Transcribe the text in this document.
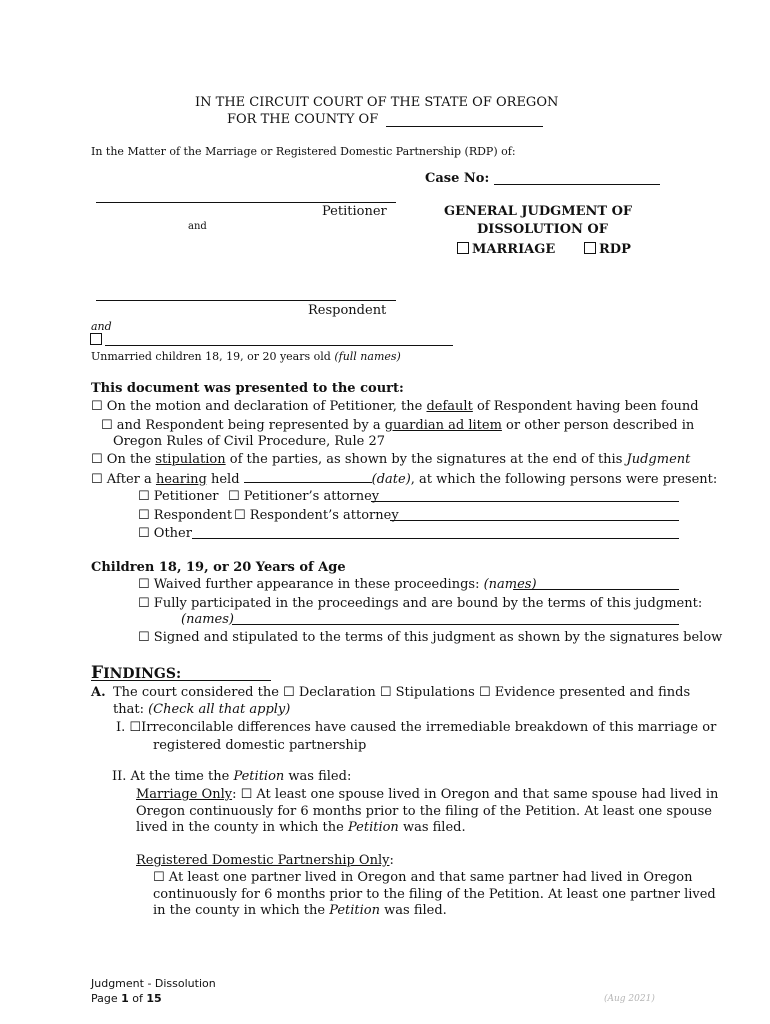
IN THE CIRCUIT COURT OF THE STATE OF OREGON
FOR THE COUNTY OF
In the Matter of the Marriage or Registered Domestic Partnership (RDP) of:
Case No:
Petitioner
and
GENERAL JUDGMENT OF
DISSOLUTION OF
MARRIAGE	RDP
Respondent
and
Unmarried children 18, 19, or 20 years old (full names)
This document was presented to the court:
☐ On the motion and declaration of Petitioner, the default of Respondent having been found
☐ and Respondent being represented by a guardian ad litem or other person described in
Oregon Rules of Civil Procedure, Rule 27
☐ On the stipulation of the parties, as shown by the signatures at the end of this Judgment
☐ After a hearing held	(date), at which the following persons were present:
☐ Petitioner ☐ Petitioner’s attorney
☐ Respondent ☐ Respondent’s attorney
☐ Other
Children 18, 19, or 20 Years of Age
☐ Waived further appearance in these proceedings: (names)
☐ Fully participated in the proceedings and are bound by the terms of this judgment:
(names)
☐ Signed and stipulated to the terms of this judgment as shown by the signatures below
FINDINGS:
A. The court considered the ☐ Declaration ☐ Stipulations ☐ Evidence presented and finds
that: (Check all that apply)
I. ☐Irreconcilable differences have caused the irremediable breakdown of this marriage or
registered domestic partnership
II. At the time the Petition was filed:
Marriage Only: ☐ At least one spouse lived in Oregon and that same spouse had lived in
Oregon continuously for 6 months prior to the filing of the Petition. At least one spouse
lived in the county in which the Petition was filed.
Registered Domestic Partnership Only:
☐ At least one partner lived in Oregon and that same partner had lived in Oregon
continuously for 6 months prior to the filing of the Petition. At least one partner lived
in the county in which the Petition was filed.
Judgment - Dissolution
Page 1 of 15	(Aug 2021)
